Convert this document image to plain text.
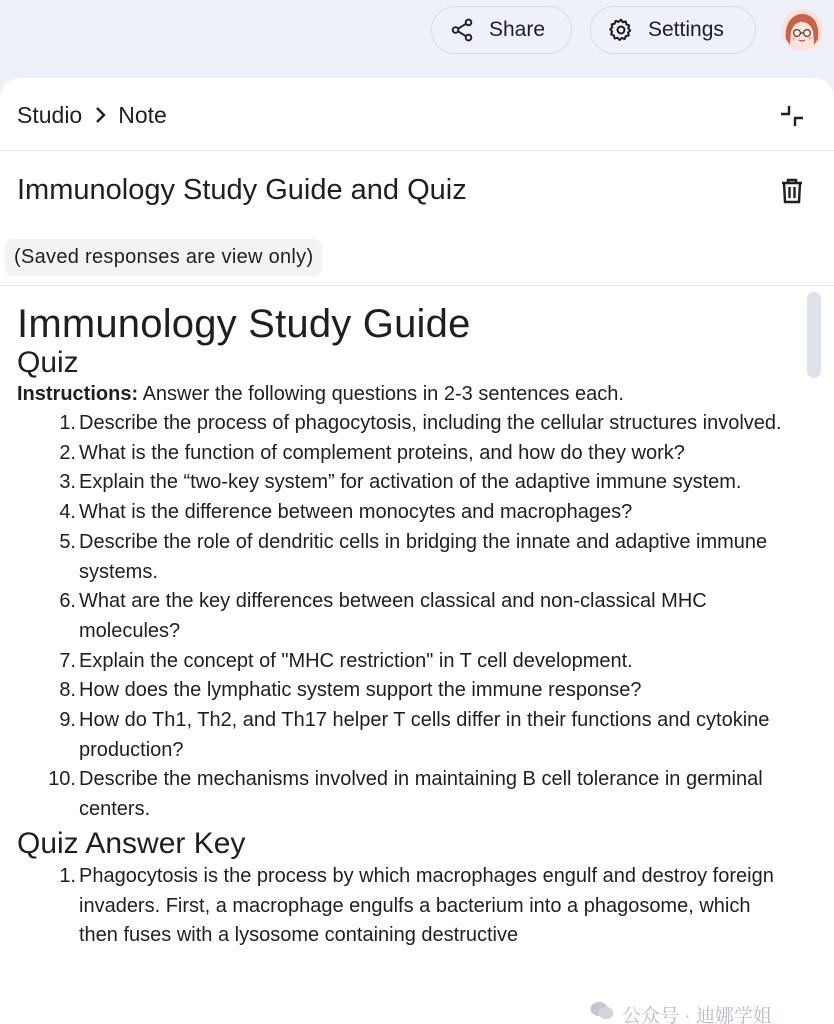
Share	Settings
Studio Note
Immunology Study Guide and Quiz
(Saved responses are view only)
Immunology Study Guide
Quiz
Instructions: Answer the following questions in 2-3 sentences each.
1. Describe the process of phagocytosis, including the cellular structures involved.
2. What is the function of complement proteins, and how do they work?
3. Explain the “two-key system” for activation of the adaptive immune system.
4. What is the difference between monocytes and macrophages?
5. Describe the role of dendritic cells in bridging the innate and adaptive immune systems.
6. What are the key differences between classical and non-classical MHC molecules?
7. Explain the concept of "MHC restriction" in T cell development.
8. How does the lymphatic system support the immune response?
9. How do Th1, Th2, and Th17 helper T cells differ in their functions and cytokine production?
10. Describe the mechanisms involved in maintaining B cell tolerance in germinal centers.
Quiz Answer Key
1. Phagocytosis is the process by which macrophages engulf and destroy foreign invaders. First, a macrophage engulfs a bacterium into a phagosome, which then fuses with a lysosome containing destructive
公众号 · 迪娜学姐
